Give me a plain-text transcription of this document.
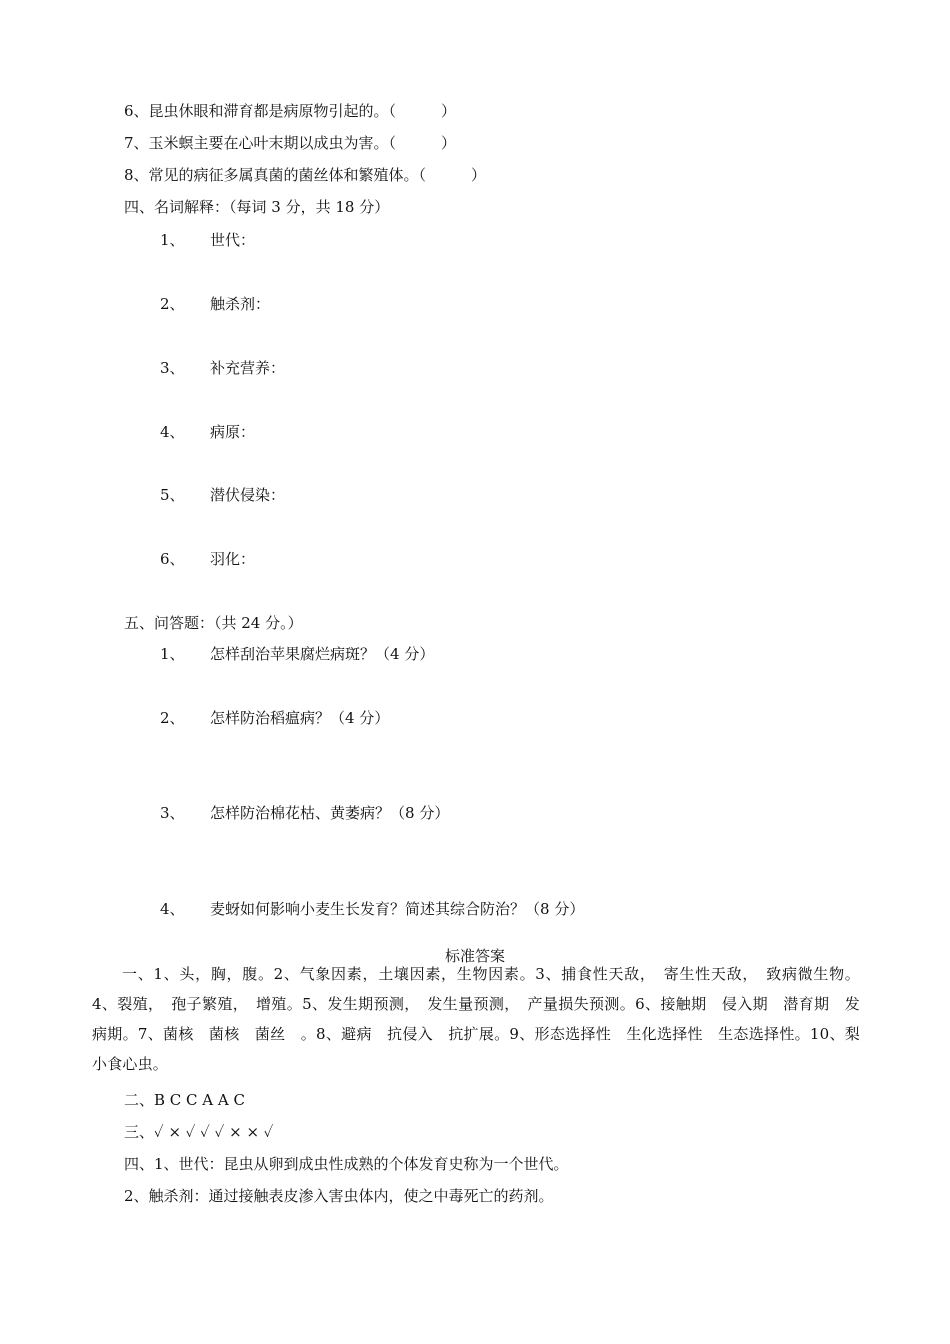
6、昆虫休眼和滞育都是病原物引起的。（　　　）

7、玉米螟主要在心叶末期以成虫为害。（　　　）

8、常见的病征多属真菌的菌丝体和繁殖体。（　　　）

四、名词解释：（每词 3 分，共 18 分）

1、 世代：
2、 触杀剂：
3、 补充营养：
4、 病原：
5、 潜伏侵染：
6、 羽化：

五、问答题：（共 24 分。）

1、 怎样刮治苹果腐烂病斑？（4 分）
2、 怎样防治稻瘟病？（4 分）
3、 怎样防治棉花枯、黄萎病？（8 分）
4、 麦蚜如何影响小麦生长发育？简述其综合防治？（8 分）

标准答案

一、1、头，胸，腹。2、气象因素，土壤因素，生物因素。3、捕食性天敌，　寄生性天敌，　致病微生物。4、裂殖，　孢子繁殖，　增殖。5、发生期预测，　发生量预测，　产量损失预测。6、接触期　侵入期　潜育期　发病期。7、菌核　菌核　菌丝　。8、避病　抗侵入　抗扩展。9、形态选择性　生化选择性　生态选择性。10、梨小食心虫。

二、B C C A A C

三、✓ × ✓ ✓ ✓ × × ✓

四、1、世代：昆虫从卵到成虫性成熟的个体发育史称为一个世代。

2、触杀剂：通过接触表皮渗入害虫体内，使之中毒死亡的药剂。
